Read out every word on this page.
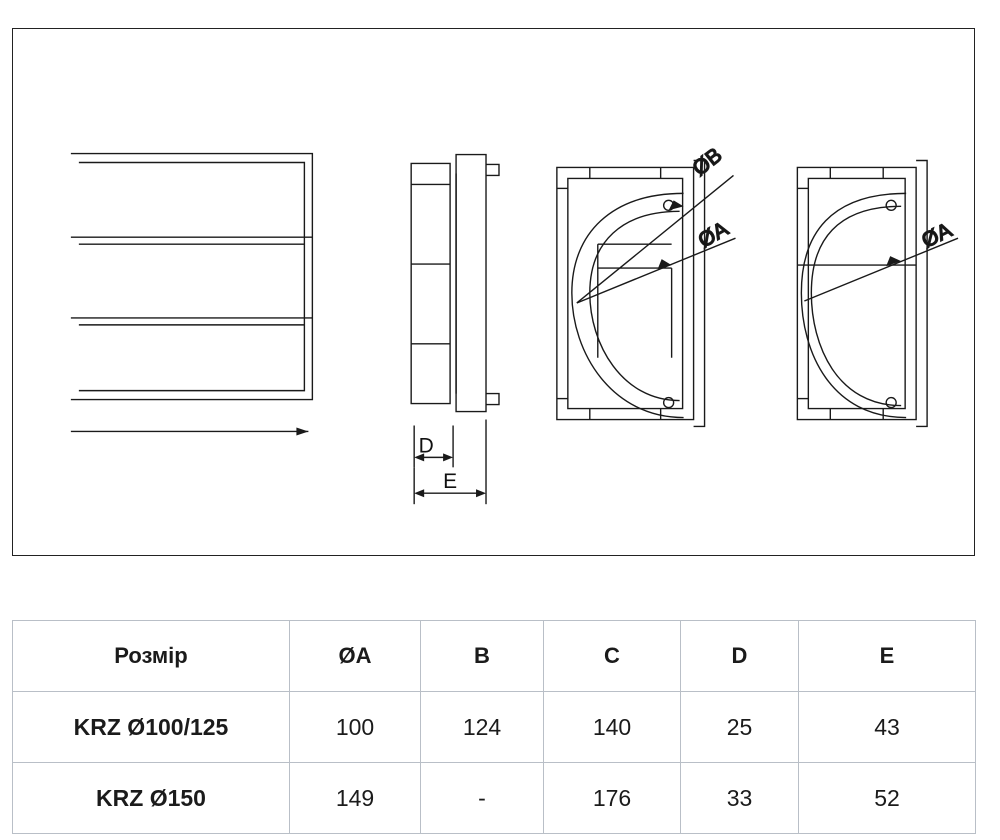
ØB
ØA	ØA
D
E
Розмір	ØA	B	C	D	E
KRZ Ø100/125	100	124	140	25	43
KRZ Ø150	149	-	176	33	52
